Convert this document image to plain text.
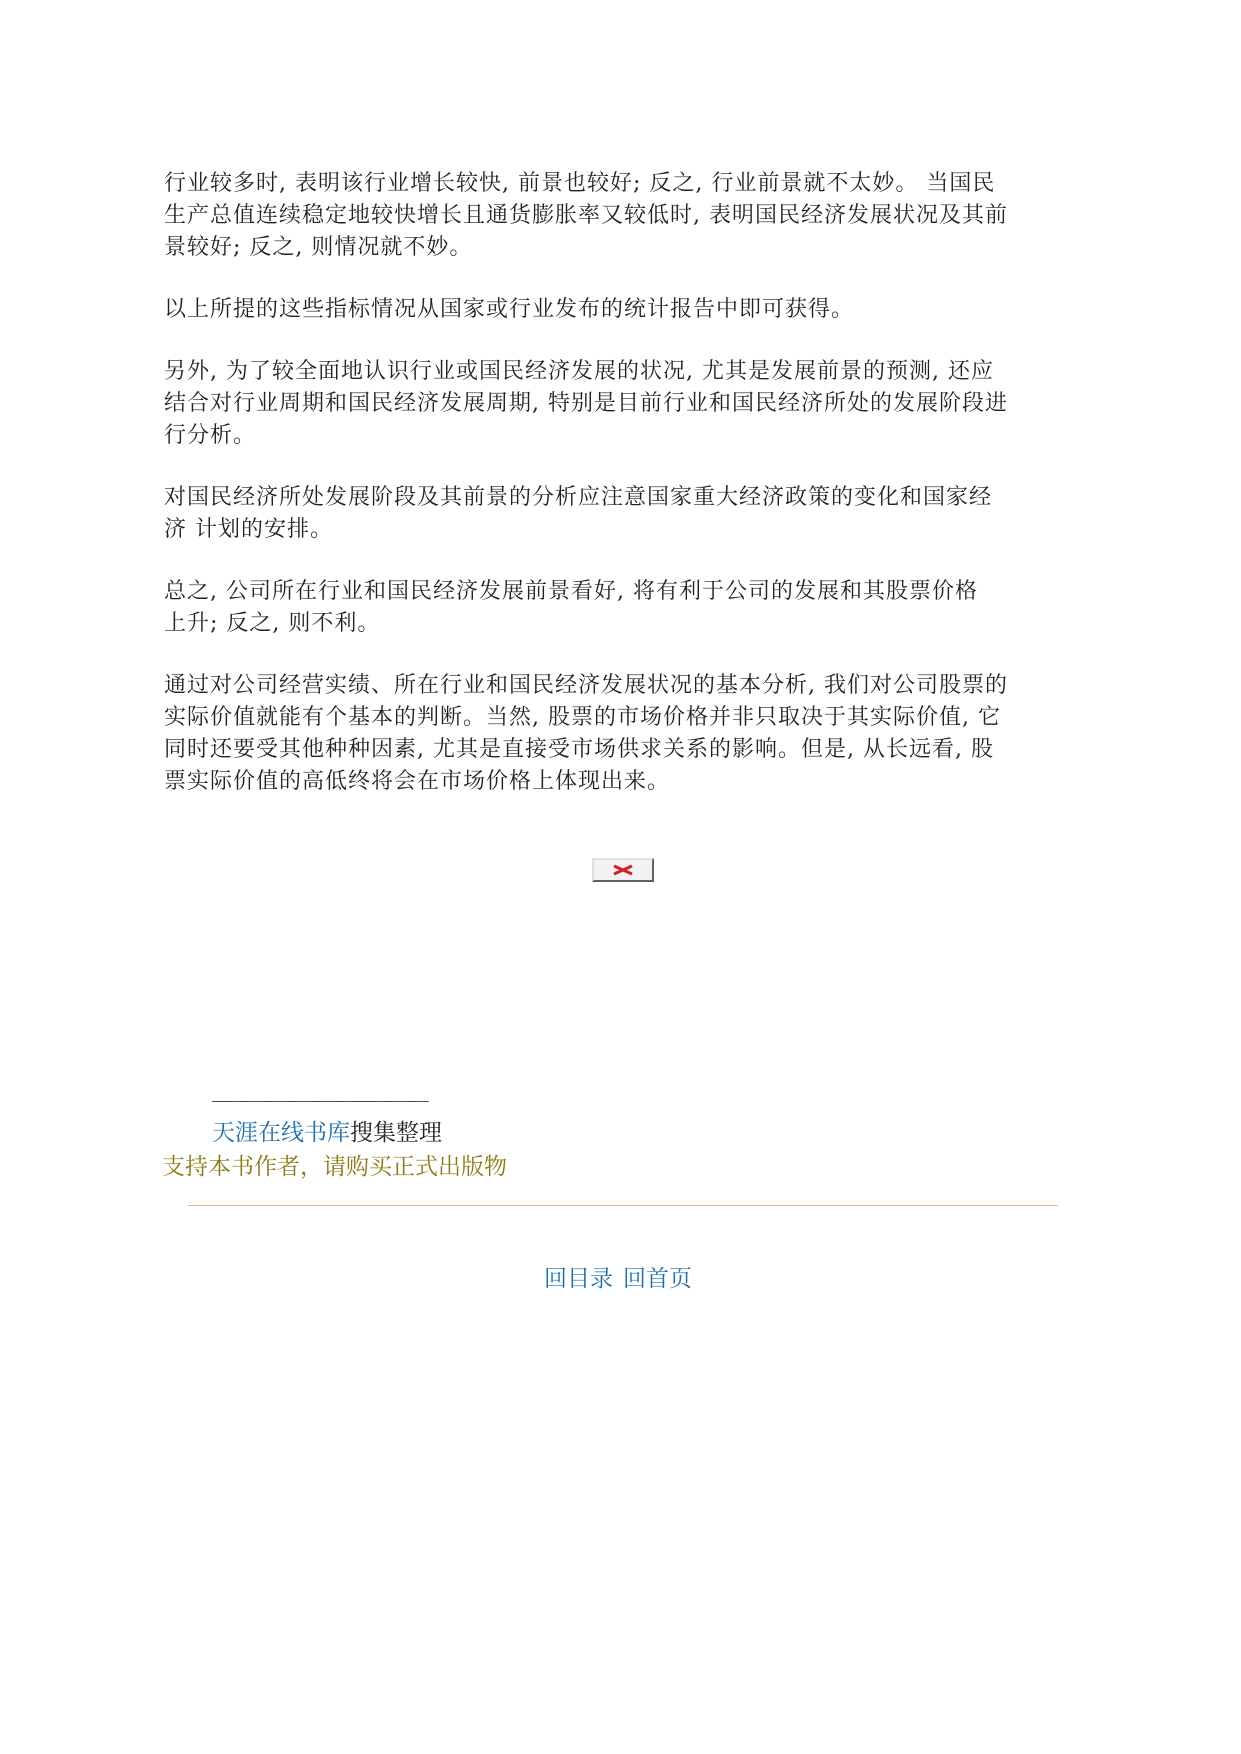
行业较多时, 表明该行业增长较快, 前景也较好; 反之, 行业前景就不太妙。 当国民
生产总值连续稳定地较快增长且通货膨胀率又较低时, 表明国民经济发展状况及其前
景较好; 反之, 则情况就不妙。
以上所提的这些指标情况从国家或行业发布的统计报告中即可获得。
另外, 为了较全面地认识行业或国民经济发展的状况, 尤其是发展前景的预测, 还应
结合对行业周期和国民经济发展周期, 特别是目前行业和国民经济所处的发展阶段进
行分析。
对国民经济所处发展阶段及其前景的分析应注意国家重大经济政策的变化和国家经
济 计划的安排。
总之, 公司所在行业和国民经济发展前景看好, 将有利于公司的发展和其股票价格
上升; 反之, 则不利。
通过对公司经营实绩、所在行业和国民经济发展状况的基本分析, 我们对公司股票的
实际价值就能有个基本的判断。当然, 股票的市场价格并非只取决于其实际价值, 它
同时还要受其他种种因素, 尤其是直接受市场供求关系的影响。但是, 从长远看, 股
票实际价值的高低终将会在市场价格上体现出来。
__________________
天涯在线书库搜集整理
支持本书作者，请购买正式出版物
回目录 回首页
